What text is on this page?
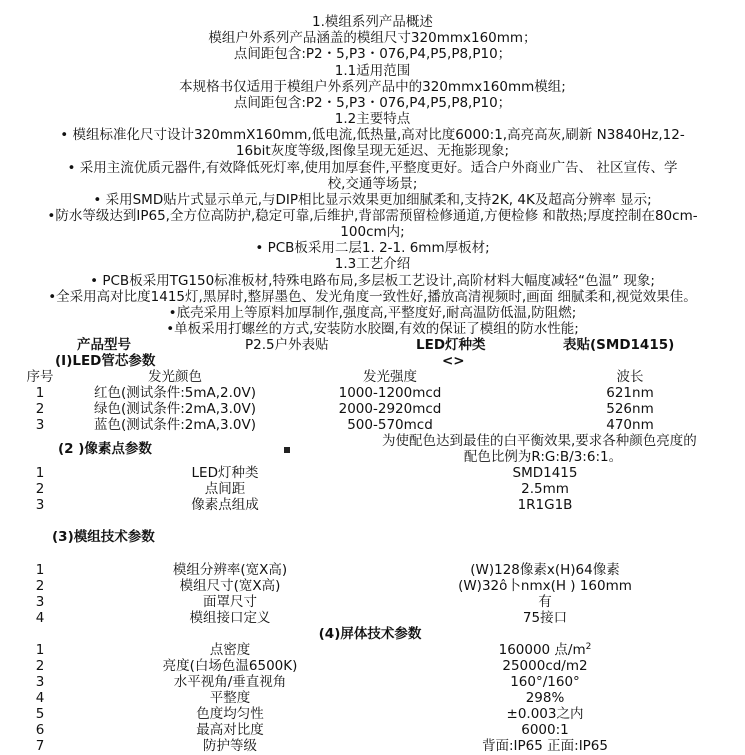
1.模组系列产品概述
模组户外系列产品涵盖的模组尺寸320mmx160mm；
点间距包含:P2・5,P3・076,P4,P5,P8,P10；
1.1适用范围
本规格书仅适用于模组户外系列产品中的320mmx160mm模组;
点间距包含:P2・5,P3・076,P4,P5,P8,P10；
1.2主要特点
• 模组标准化尺寸设计320mmX160mm,低电流,低热量,高对比度6000:1,高亮高灰,刷新 N3840Hz,12-
16bit灰度等级,图像呈现无延迟、无拖影现象;
• 采用主流优质元器件,有效降低死灯率,使用加厚套件,平整度更好。适合户外商业广告、 社区宣传、学
校,交通等场景;
• 采用SMD贴片式显示单元,与DIP相比显示效果更加细腻柔和,支持2K, 4K及超高分辨率 显示;
•防水等级达到IP65,全方位高防护,稳定可靠,后维护,背部需预留检修通道,方便检修 和散热;厚度控制在80cm-
100cm内;
• PCB板采用二层1. 2-1. 6mm厚板材;
1.3工艺介绍
• PCB板采用TG150标准板材,特殊电路布局,多层板工艺设计,高阶材料大幅度减轻“色温” 现象;
•全采用高对比度1415灯,黑屏时,整屏墨色、发光角度一致性好,播放高清视频时,画面 细腻柔和,视觉效果佳。
•底壳采用上等原料加厚制作,强度高,平整度好,耐高温防低温,防阻燃;
•单板采用打螺丝的方式,安装防水胶圈,有效的保证了模组的防水性能;
产品型号	P2.5户外表贴	LED灯种类	表贴(SMD1415)
<>
(I)LED管芯参数
序号	发光颜色	发光强度	波长
1	红色(测试条件:5mA,2.0V)	1000-1200mcd	621nm
2	绿色(测试条件:2mA,3.0V)	2000-2920mcd	526nm
3	蓝色(测试条件:2mA,3.0V)	500-570mcd	470nm
(2 )像素点参数	为使配色达到最佳的白平衡效果,要求各种颜色亮度的
配色比例为R:G:B/3:6:1。
1	LED灯种类	SMD1415
2	点间距	2.5mm
3	像素点组成	1R1G1B
(3)模组技术参数
1	模组分辨率(宽X高)	(W)128像素x(H)64像素
2	模组尺寸(宽X高)	(W)32ô卜nmx(H ) 160mm
3	面罩尺寸	有
4	模组接口定义	75接口
(4)屏体技术参数
1	点密度	160000 点$/m^2$
2	亮度(白场色温6500K)	25000cd/m2
3	水平视角/垂直视角	160°/160°
4	平整度	298%
5	色度均匀性	±0.003之内
6	最高对比度	6000:1
7	防护等级	背面:IP65 正面:IP65
